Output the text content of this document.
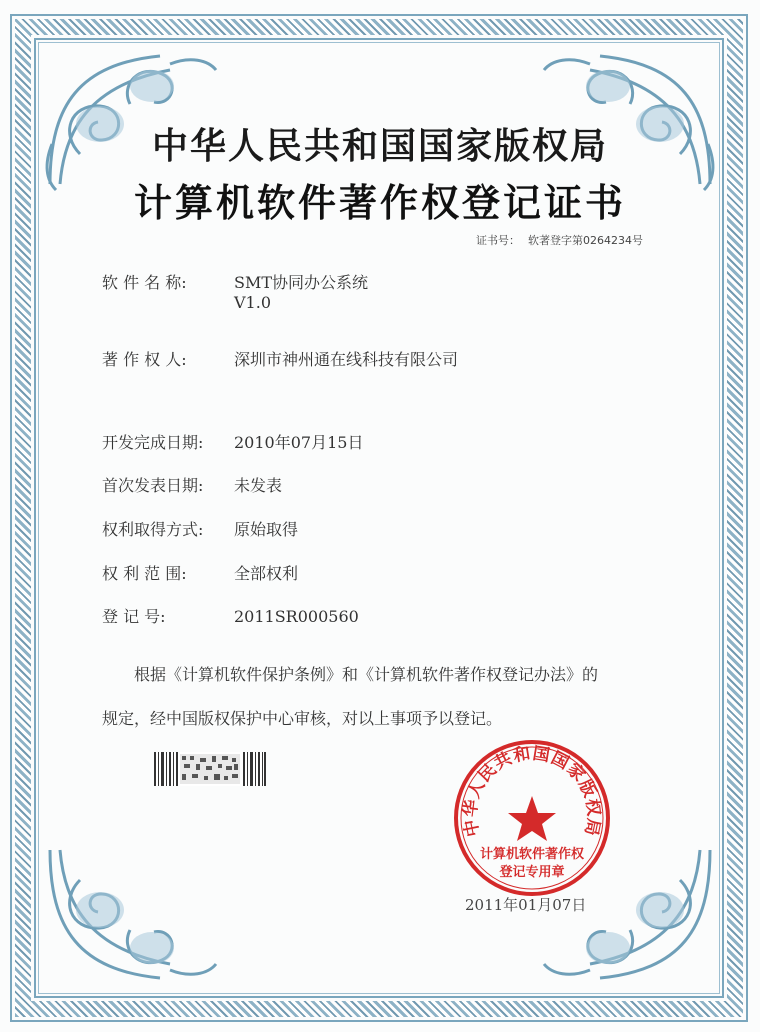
中华人民共和国国家版权局
计算机软件著作权登记证书
证书号： 软著登字第0264234号
软 件 名 称:	SMT协同办公系统
V1.0
著 作 权 人:	深圳市神州通在线科技有限公司
开发完成日期: 2010年07月15日
首次发表日期: 未发表
权利取得方式: 原始取得
权 利 范 围:	全部权利
登 记 号:	2011SR000560
根据《计算机软件保护条例》和《计算机软件著作权登记办法》的
规定，经中国版权保护中心审核，对以上事项予以登记。
中华人民共和国国家版权局
计算机软件著作权
登记专用章
2011年01月07日
